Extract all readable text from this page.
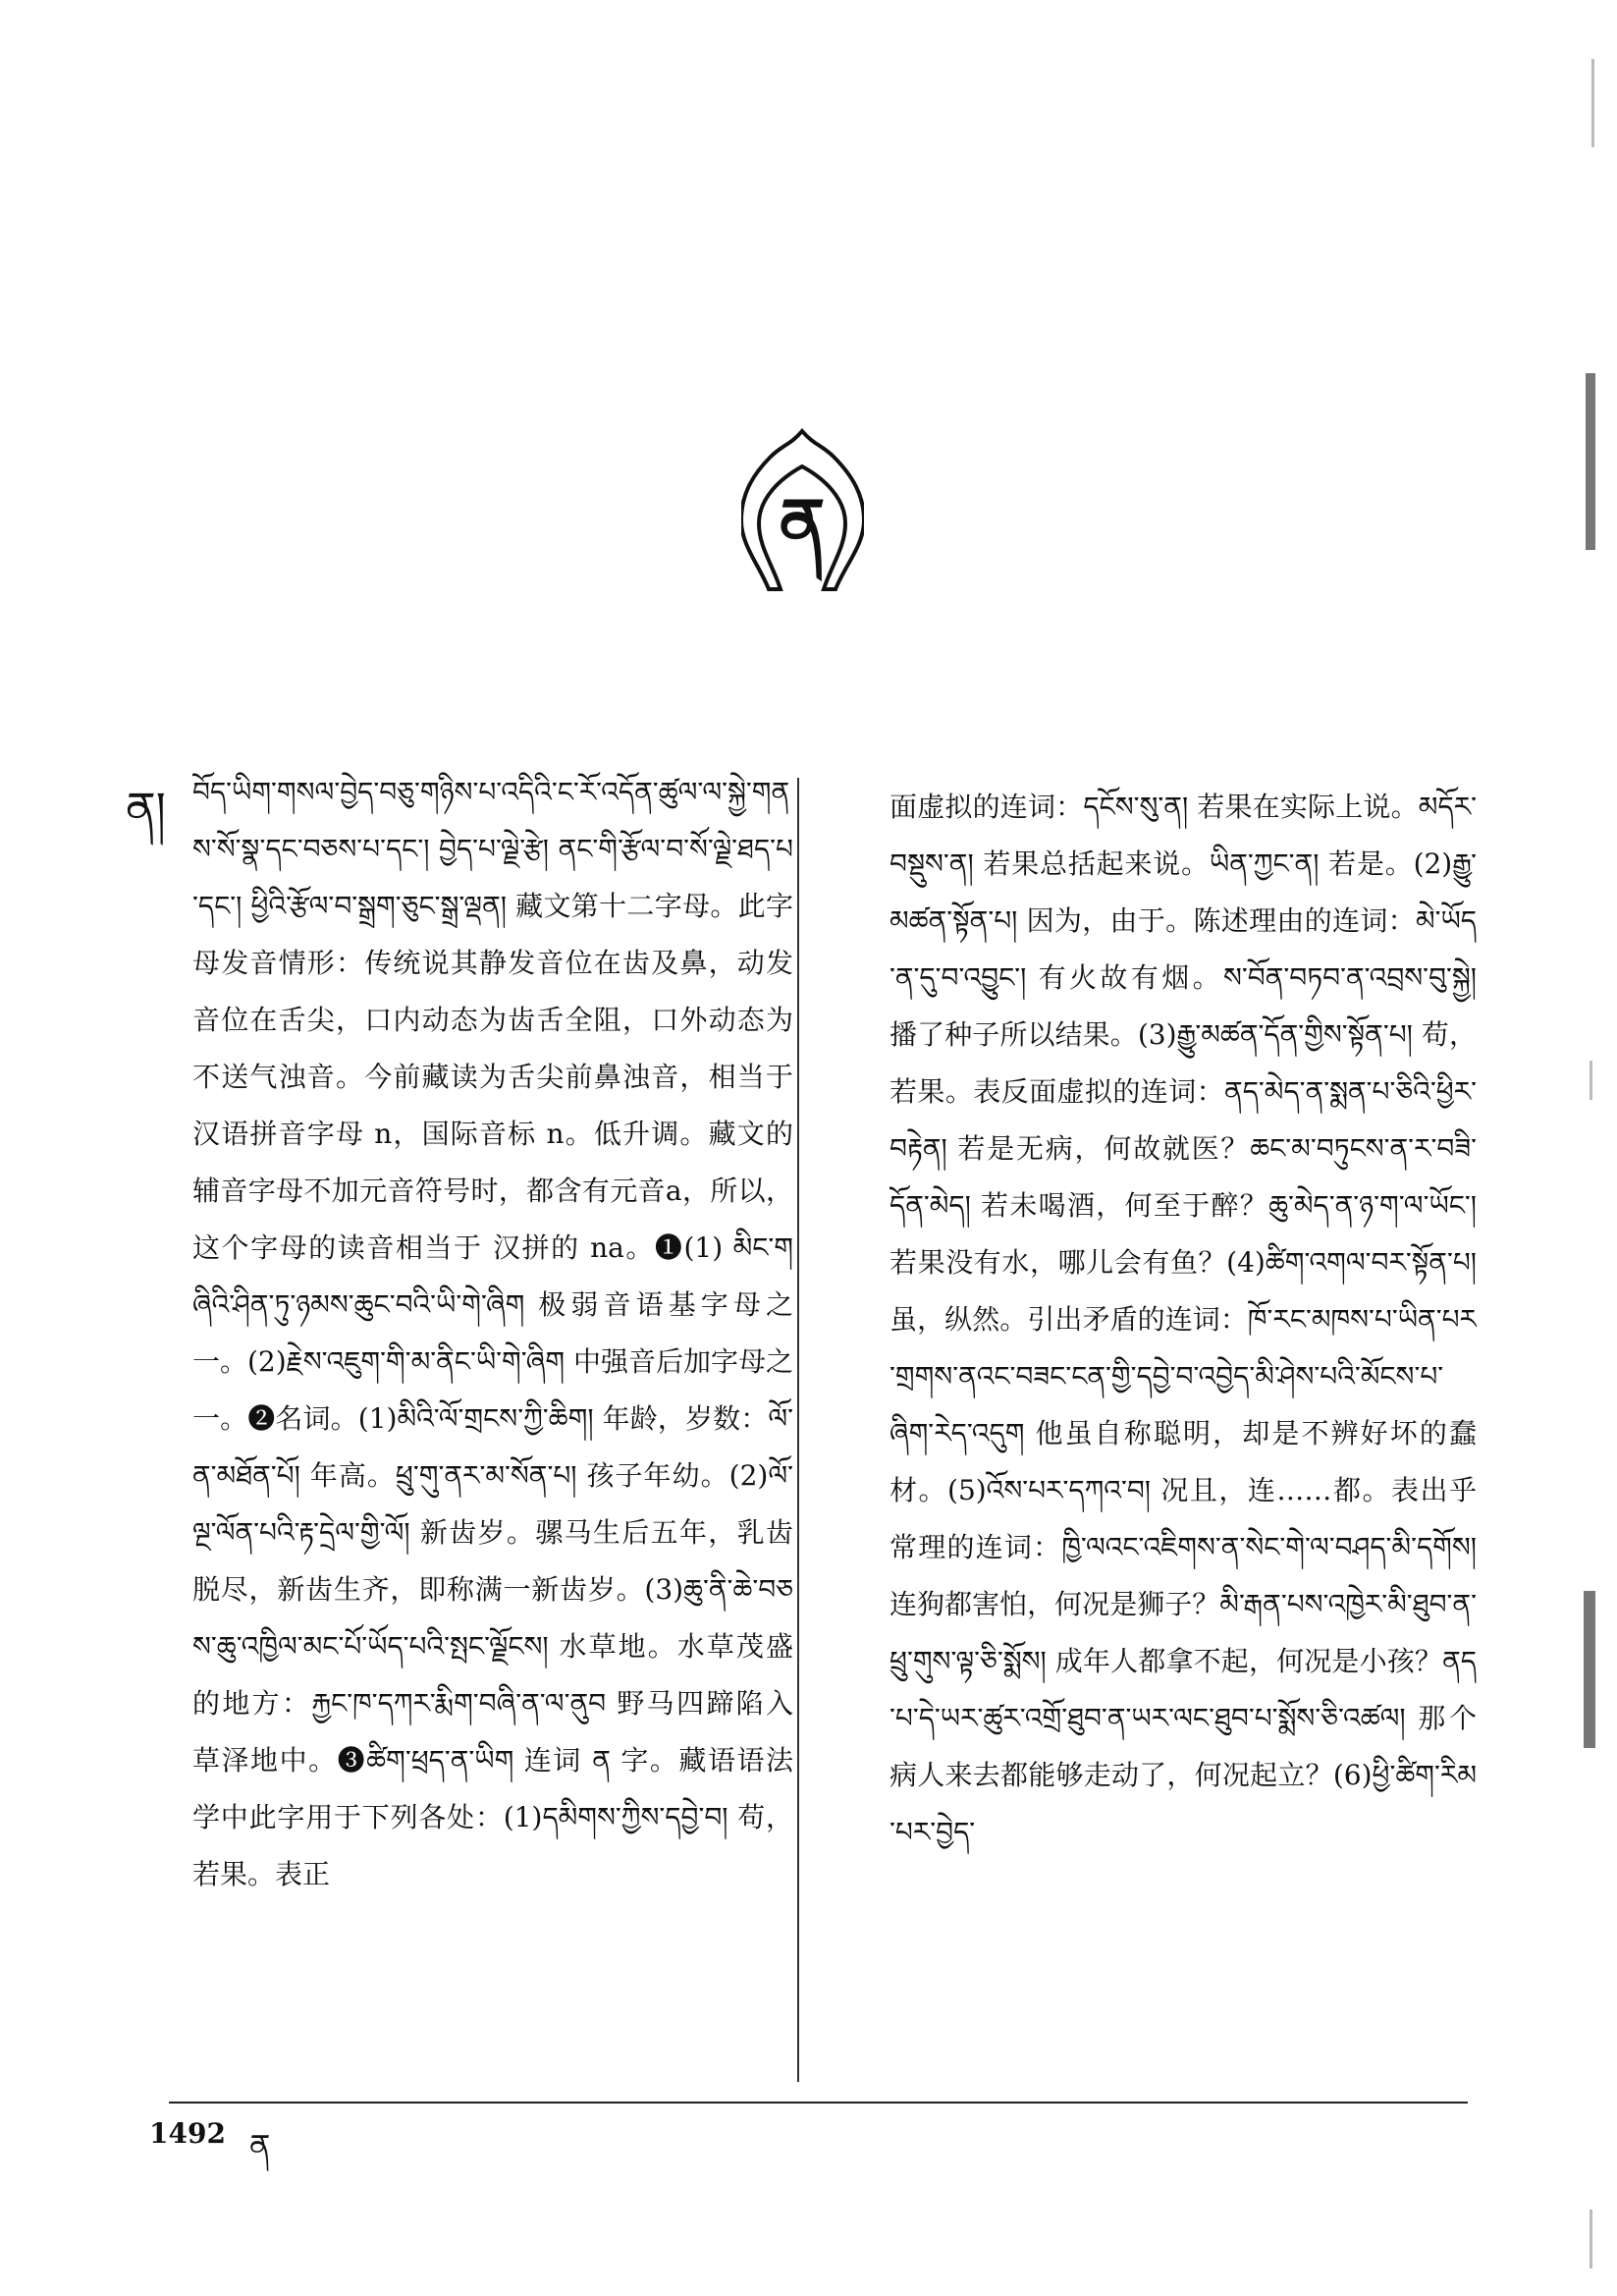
ན
ན། བོད་ཡིག་གསལ་བྱེད་བཅུ་གཉིས་པ་འདིའི་ང་རོ་འདོན་ཚུལ་ལ་སྐྱེ་གནས་སོ་སྣ་དང་བཅས་པ་དང་། བྱེད་པ་ལྗེ་རྩེ། ནང་གི་རྩོལ་བ་སོ་ལྗེ་ཐད་པ་དང་། ཕྱིའི་རྩོལ་བ་སྒྲག་ཅུང་སྒྲ་ལྡན། 藏文第十二字母。此字母发音情形：传统说其静发音位在齿及鼻，动发音位在舌尖，口内动态为齿舌全阻，口外动态为不送气浊音。今前藏读为舌尖前鼻浊音，相当于汉语拼音字母 n，国际音标 n。低升调。藏文的辅音字母不加元音符号时，都含有元音a，所以，这个字母的读音相当于 汉拼的 na。❶(1) མིང་གཞིའི་ཤིན་ཏུ་ཉམས་ཆུང་བའི་ཡི་གེ་ཞིག 极弱音语基字母之一。(2)རྗེས་འཇུག་གི་མ་ནིང་ཡི་གེ་ཞིག 中强音后加字母之一。❷名词。(1)མིའི་ལོ་གྲངས་ཀྱི་ཆིག། 年龄，岁数：ལོ་ན་མཐོན་པོ། 年高。ཕྲུ་གུ་ནར་མ་སོན་པ། 孩子年幼。(2)ལོ་ལྔ་ལོན་པའི་རྟ་དྲེལ་གྱི་ལོ། 新齿岁。骡马生后五年，乳齿脱尽，新齿生齐，即称满一新齿岁。(3)ཆུ་ནི་ཆེ་བཅས་ཆུ་འཁྱིལ་མང་པོ་ཡོད་པའི་སྤང་ལྗོངས། 水草地。水草茂盛的地方：རྐྱང་ཁ་དཀར་རྨིག་བཞི་ན་ལ་ནུབ 野马四蹄陷入草泽地中。❸ཚིག་ཕྲད་ན་ཡིག 连词 ན 字。藏语语法学中此字用于下列各处：(1)དམིགས་ཀྱིས་དབྱེ་བ། 苟，若果。表正
面虚拟的连词：དངོས་སུ་ན། 若果在实际上说。མདོར་བསྡུས་ན། 若果总括起来说。ཡིན་ཀྱང་ན། 若是。(2)རྒྱུ་མཚན་སྟོན་པ། 因为，由于。陈述理由的连词：མེ་ཡོད་ན་དུ་བ་འབྱུང་། 有火故有烟。ས་བོན་བཏབ་ན་འབྲས་བུ་སྐྱེ། 播了种子所以结果。(3)རྒྱུ་མཚན་དོན་གྱིས་སྟོན་པ། 苟，若果。表反面虚拟的连词：ནད་མེད་ན་སྨན་པ་ཅིའི་ཕྱིར་བརྟེན། 若是无病，何故就医？ཆང་མ་བཏུངས་ན་ར་བཟི་དོན་མེད། 若未喝酒，何至于醉？ཆུ་མེད་ན་ཉ་ག་ལ་ཡོང་། 若果没有水，哪儿会有鱼？(4)ཚིག་འགལ་བར་སྟོན་པ། 虽，纵然。引出矛盾的连词：ཁོ་རང་མཁས་པ་ཡིན་པར་གྲགས་ནའང་བཟང་ངན་གྱི་དབྱེ་བ་འབྱེད་མི་ཤེས་པའི་མོངས་པ་ཞིག་རེད་འདུག 他虽自称聪明，却是不辨好坏的蠢材。(5)འོས་པར་དཀའ་བ། 况且，连……都。表出乎常理的连词：ཁྱི་ལའང་འཇིགས་ན་སེང་གེ་ལ་བཤད་མི་དགོས། 连狗都害怕，何况是狮子？མི་རྒན་པས་འཁྱེར་མི་ཐུབ་ན་ཕྲུ་གུས་ལྟ་ཅི་སྨོས། 成年人都拿不起，何况是小孩？ནད་པ་དེ་ཡར་ཚུར་འགྲོ་ཐུབ་ན་ཡར་ལང་ཐུབ་པ་སྨོས་ཅི་འཚལ། 那个病人来去都能够走动了，何况起立？(6)ཕྱི་ཚིག་རིམ་པར་བྱེད་
1492 ན
